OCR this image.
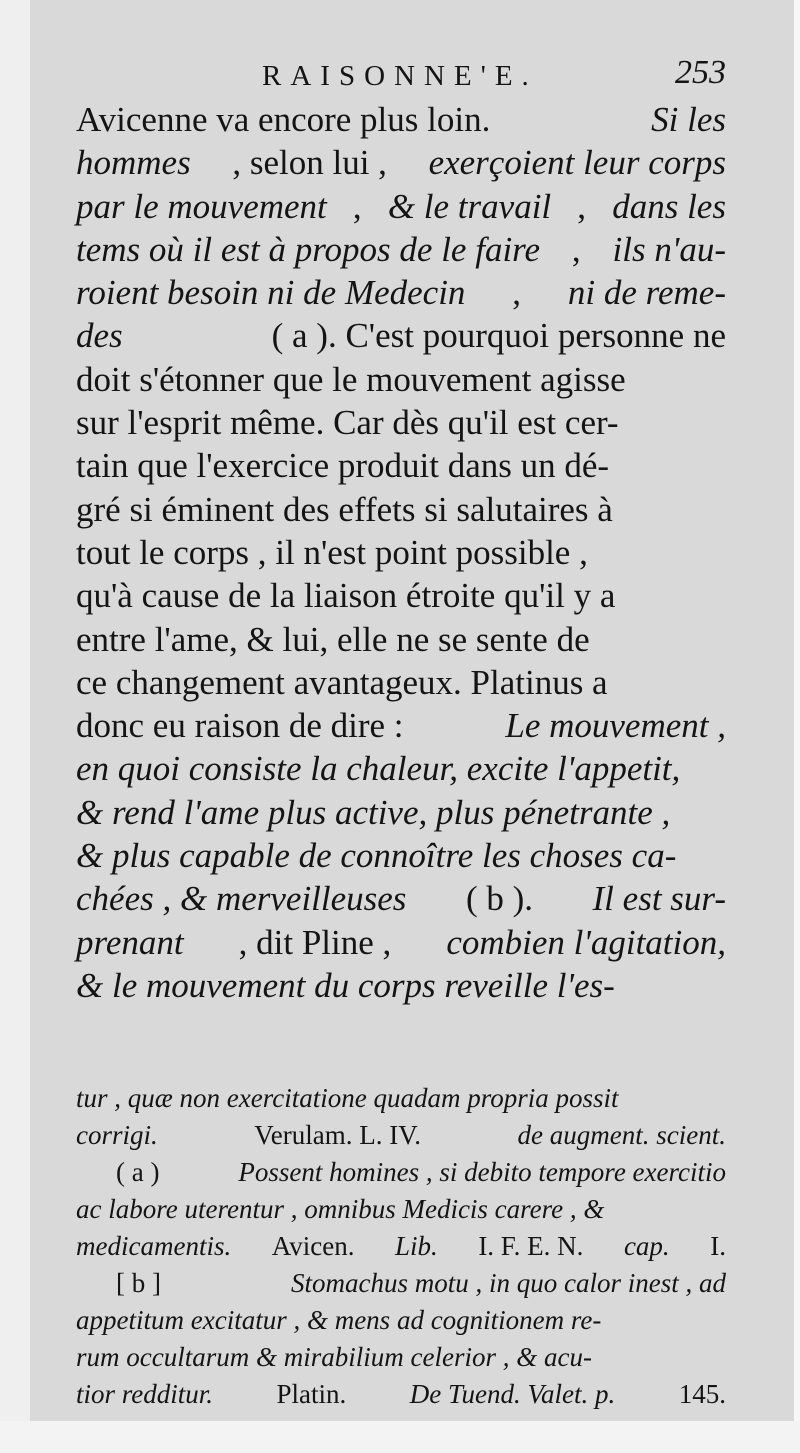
RAISONNE'E.	253
Avicenne va encore plus loin.	Si les
hommes , selon lui , exerçoient leur corps
par le mouvement , & le travail , dans les
tems où il est à propos de le faire , ils n'au-
roient besoin ni de Medecin , ni de reme-
des	( a ). C'est pourquoi personne ne
doit s'étonner que le mouvement agisse
sur l'esprit même. Car dès qu'il est cer-
tain que l'exercice produit dans un dé-
gré si éminent des effets si salutaires à
tout le corps , il n'est point possible ,
qu'à cause de la liaison étroite qu'il y a
entre l'ame, & lui, elle ne se sente de
ce changement avantageux. Platinus a
donc eu raison de dire :	Le mouvement ,
en quoi consiste la chaleur, excite l'appetit,
& rend l'ame plus active, plus pénetrante ,
& plus capable de connoître les choses ca-
chées , & merveilleuses ( b ). Il est sur-
prenant , dit Pline , combien l'agitation,
& le mouvement du corps reveille l'es-
tur , quæ non exercitatione quadam propria possit
corrigi.	Verulam. L. IV.	de augment. scient.
( a )	Possent homines , si debito tempore exercitio
ac labore uterentur , omnibus Medicis carere , &
medicamentis. Avicen. Lib. I. F. E. N. cap. I.
[ b ]	Stomachus motu , in quo calor inest , ad
appetitum excitatur , & mens ad cognitionem re-
rum occultarum & mirabilium celerior , & acu-
tior redditur. Platin. De Tuend. Valet. p. 145.
